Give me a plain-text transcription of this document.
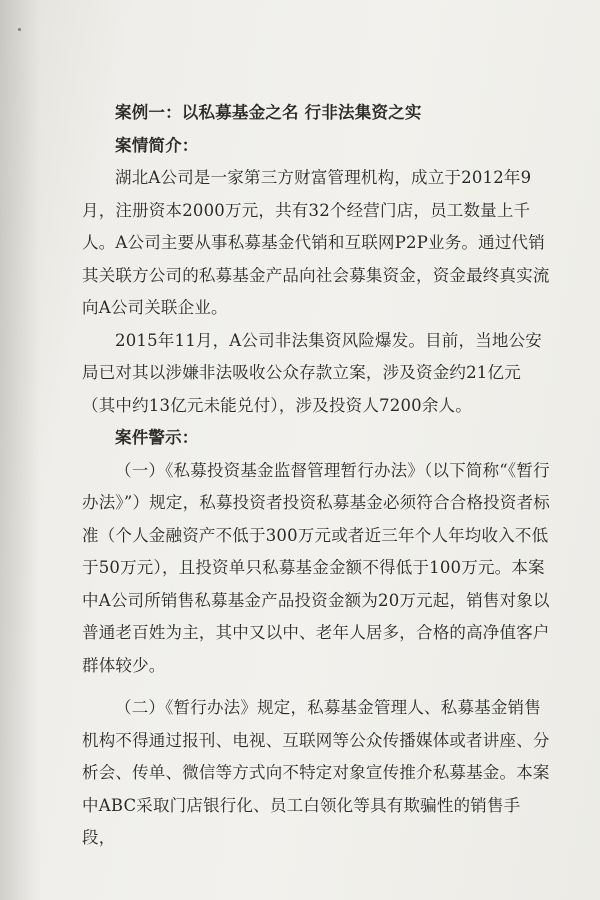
案例一：以私募基金之名 行非法集资之实

案情简介：

湖北A公司是一家第三方财富管理机构，成立于2012年9月，注册资本2000万元，共有32个经营门店，员工数量上千人。A公司主要从事私募基金代销和互联网P2P业务。通过代销其关联方公司的私募基金产品向社会募集资金，资金最终真实流向A公司关联企业。

2015年11月，A公司非法集资风险爆发。目前，当地公安局已对其以涉嫌非法吸收公众存款立案，涉及资金约21亿元（其中约13亿元未能兑付），涉及投资人7200余人。

案件警示：

（一）《私募投资基金监督管理暂行办法》（以下简称“《暂行办法》”）规定，私募投资者投资私募基金必须符合合格投资者标准（个人金融资产不低于300万元或者近三年个人年均收入不低于50万元），且投资单只私募基金金额不得低于100万元。本案中A公司所销售私募基金产品投资金额为20万元起，销售对象以普通老百姓为主，其中又以中、老年人居多，合格的高净值客户群体较少。

（二）《暂行办法》规定，私募基金管理人、私募基金销售机构不得通过报刊、电视、互联网等公众传播媒体或者讲座、分析会、传单、微信等方式向不特定对象宣传推介私募基金。本案中ABC采取门店银行化、员工白领化等具有欺骗性的销售手段，
